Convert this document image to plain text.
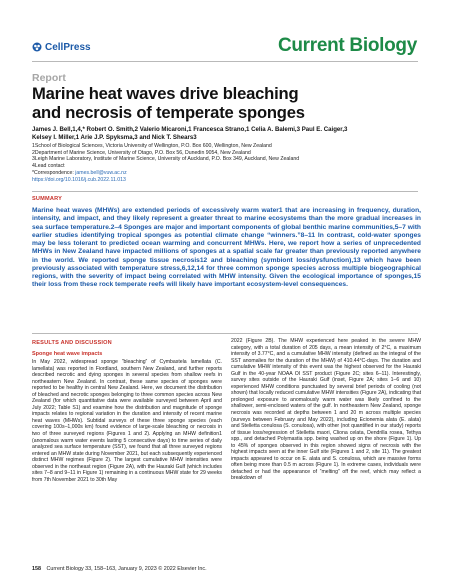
CellPress	Current Biology
Report
Marine heat waves drive bleaching
and necrosis of temperate sponges
James J. Bell,1,4,* Robert O. Smith,2 Valerio Micaroni,1 Francesca Strano,1 Celia A. Balemi,3 Paul E. Caiger,3
Kelsey I. Miller,1 Arie J.P. Spyksma,3 and Nick T. Shears3
1School of Biological Sciences, Victoria University of Wellington, P.O. Box 600, Wellington, New Zealand
2Department of Marine Science, University of Otago, P.O. Box 56, Dunedin 9054, New Zealand
3Leigh Marine Laboratory, Institute of Marine Science, University of Auckland, P.O. Box 349, Auckland, New Zealand
4Lead contact
*Correspondence: james.bell@vuw.ac.nz
https://doi.org/10.1016/j.cub.2022.11.013
SUMMARY
Marine heat waves (MHWs) are extended periods of excessively warm water1 that are increasing in frequency, duration, intensity, and impact, and they likely represent a greater threat to marine ecosystems than the more gradual increases in sea surface temperature.2–4 Sponges are major and important components of global benthic marine communities,5–7 with earlier studies identifying tropical sponges as potential climate change “winners.”8–11 In contrast, cold-water sponges may be less tolerant to predicted ocean warming and concurrent MHWs. Here, we report how a series of unprecedented MHWs in New Zealand have impacted millions of sponges at a spatial scale far greater than previously reported anywhere in the world. We reported sponge tissue necrosis12 and bleaching (symbiont loss/dysfunction),13 which have been previously associated with temperature stress,6,12,14 for three common sponge species across multiple biogeographical regions, with the severity of impact being correlated with MHW intensity. Given the ecological importance of sponges,15 their loss from these rock temperate reefs will likely have important ecosystem-level consequences.
RESULTS AND DISCUSSION
Sponge heat wave impacts

In May 2022, widespread sponge “bleaching” of Cymbastela lamellata (C. lamellata) was reported in Fiordland, southern New Zealand, and further reports described necrotic and dying sponges in several species from shallow reefs in northeastern New Zealand. In contrast, these same species of sponges were reported to be healthy in central New Zealand. Here, we document the distribution of bleached and necrotic sponges belonging to three common species across New Zealand (for which quantitative data were available surveyed between April and July 2022; Table S1) and examine how the distribution and magnitude of sponge impacts relates to regional variation in the duration and intensity of recent marine heat waves (MHWs). Subtidal surveys of these three sponge species (each covering 100s–1,000s km) found evidence of large-scale bleaching or necrosis in two of three surveyed regions (Figures 1 and 2). Applying an MHW definition1 (anomalous warm water events lasting 5 consecutive days) to time series of daily analyzed sea surface temperature (SST), we found that all three surveyed regions entered an MHW state during November 2021, but each subsequently experienced distinct MHW regimes (Figure 2). The largest cumulative MHW intensities were observed in the northeast region (Figure 2A), with the Hauraki Gulf (which includes sites 7–8 and 9–11 in Figure 1) remaining in a continuous MHW state for 29 weeks from 7th November 2021 to 30th May

2022 (Figure 2B). The MHW experienced here peaked in the severe MHW category, with a total duration of 205 days, a mean intensity of 2°C, a maximum intensity of 3.77°C, and a cumulative MHW intensity (defined as the integral of the SST anomalies for the duration of the MHW) of 410.44°C-days. The duration and cumulative MHW intensity of this event was the highest observed for the Hauraki Gulf in the 40-year NOAA OI SST product (Figure 2C; sites 6–11). Interestingly, survey sites outside of the Hauraki Gulf (inset, Figure 2A; sites 1–6 and 10) experienced MHW conditions punctuated by several brief periods of cooling (not shown) that locally reduced cumulative MHW intensities (Figure 2A), indicating that prolonged exposure to anomalously warm water was likely confined to the shallower, semi-enclosed waters of the gulf. In northeastern New Zealand, sponge necrosis was recorded at depths between 1 and 20 m across multiple species (surveys between February and May 2022), including Ecionemia alata (E. alata) and Stelletta conulosa (S. conulosa), with other (not quantified in our study) reports of tissue loss/regression of Stelletta maori, Cliona celata, Dendrilla rosea, Tethya spp., and detached Polymastia spp. being washed up on the shore (Figure 1). Up to 45% of sponges observed in this region showed signs of necrosis with the highest impacts seen at the inner Gulf site (Figures 1 and 2, site 11). The greatest impacts appeared to occur on E. alata and S. conulosa, which are massive forms often being more than 0.5 m across (Figure 1). In extreme cases, individuals were detached or had the appearance of “melting” off the reef, which may reflect a breakdown of

158 Current Biology 33, 158–163, January 9, 2023 © 2022 Elsevier Inc.
